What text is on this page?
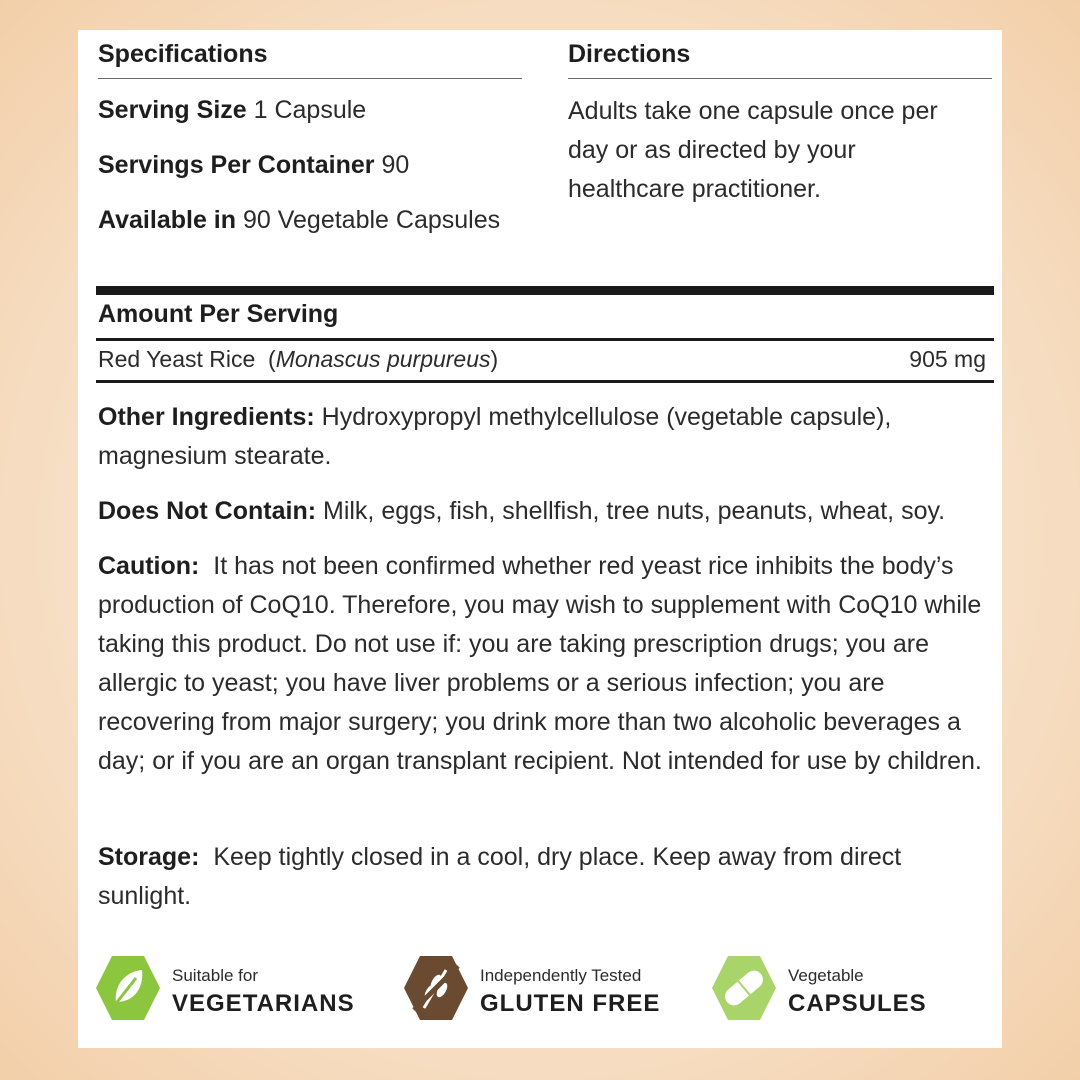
Specifications
Serving Size 1 Capsule
Servings Per Container 90
Available in 90 Vegetable Capsules
Directions
Adults take one capsule once per day or as directed by your healthcare practitioner.
Amount Per Serving
Red Yeast Rice  (Monascus purpureus)	905 mg
Other Ingredients: Hydroxypropyl methylcellulose (vegetable capsule), magnesium stearate.
Does Not Contain: Milk, eggs, fish, shellfish, tree nuts, peanuts, wheat, soy.
Caution: It has not been confirmed whether red yeast rice inhibits the body’s production of CoQ10. Therefore, you may wish to supplement with CoQ10 while taking this product. Do not use if: you are taking prescription drugs; you are allergic to yeast; you have liver problems or a serious infection; you are recovering from major surgery; you drink more than two alcoholic beverages a day; or if you are an organ transplant recipient. Not intended for use by children.
Storage: Keep tightly closed in a cool, dry place. Keep away from direct sunlight.
Suitable for
VEGETARIANS
Independently Tested
GLUTEN FREE
Vegetable
CAPSULES
